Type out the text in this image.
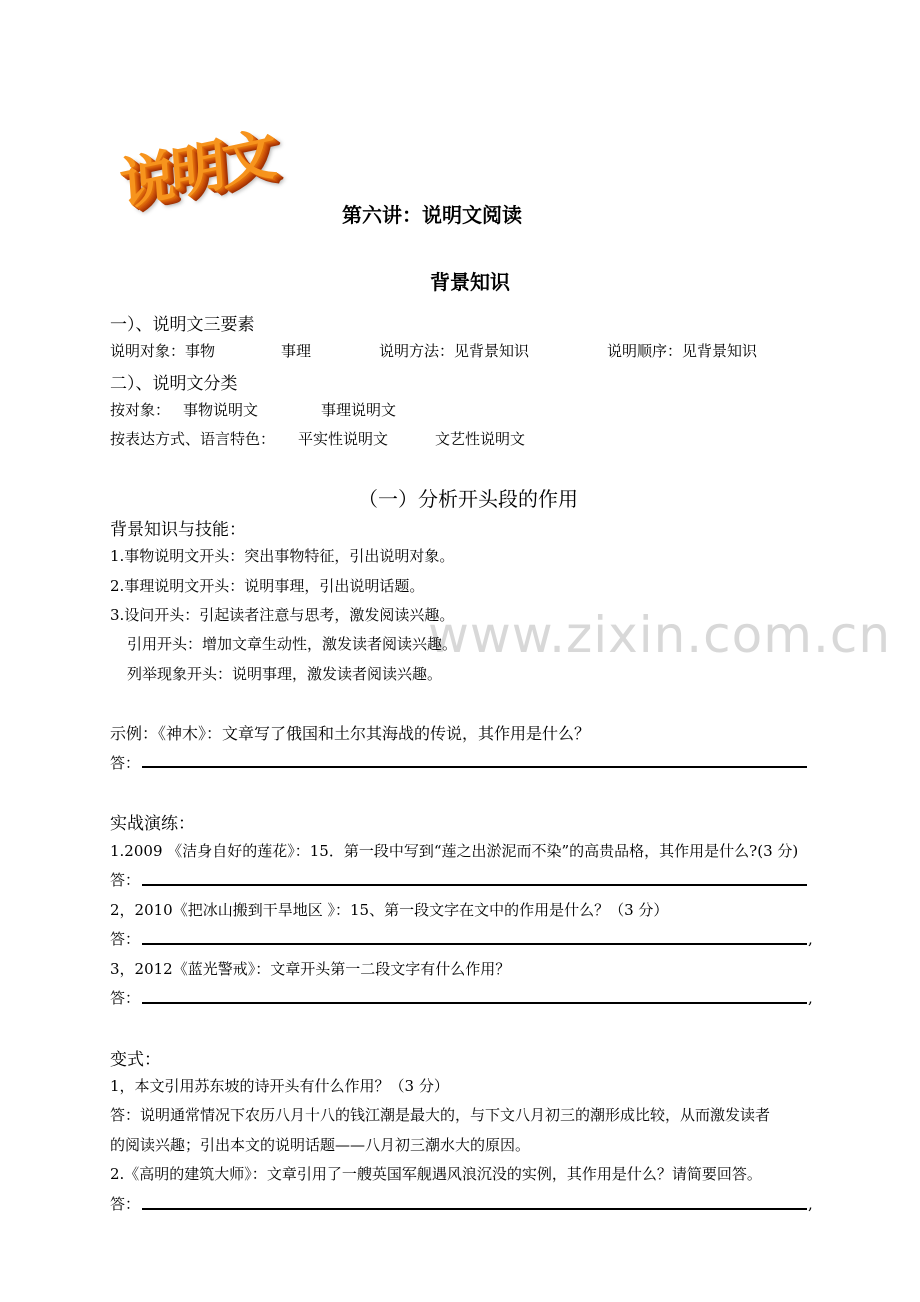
说明文
www.zixin.com.cn
第六讲：说明文阅读
背景知识
一）、说明文三要素
说明对象：事物	事理	说明方法：见背景知识	说明顺序：见背景知识
二）、说明文分类
按对象： 事物说明文	事理说明文
按表达方式、语言特色： 平实性说明文	文艺性说明文
（一）分析开头段的作用
背景知识与技能：
1.事物说明文开头：突出事物特征，引出说明对象。
2.事理说明文开头：说明事理，引出说明话题。
3.设问开头：引起读者注意与思考，激发阅读兴趣。
引用开头：增加文章生动性，激发读者阅读兴趣。
列举现象开头：说明事理，激发读者阅读兴趣。
示例：《神木》：文章写了俄国和土尔其海战的传说，其作用是什么？
答：
实战演练：
1.2009 《洁身自好的莲花》：15．第一段中写到“莲之出淤泥而不染”的高贵品格，其作用是什么?(3 分)
答：
2，2010《把冰山搬到干旱地区 》：15、第一段文字在文中的作用是什么？（3 分）
答：	,
3，2012《蓝光警戒》：文章开头第一二段文字有什么作用？
答：	,
变式：
1，本文引用苏东坡的诗开头有什么作用？（3 分）
答：说明通常情况下农历八月十八的钱江潮是最大的，与下文八月初三的潮形成比较，从而激发读者
的阅读兴趣；引出本文的说明话题——八月初三潮水大的原因。
2.《高明的建筑大师》：文章引用了一艘英国军舰遇风浪沉没的实例，其作用是什么？请简要回答。
答：	,
